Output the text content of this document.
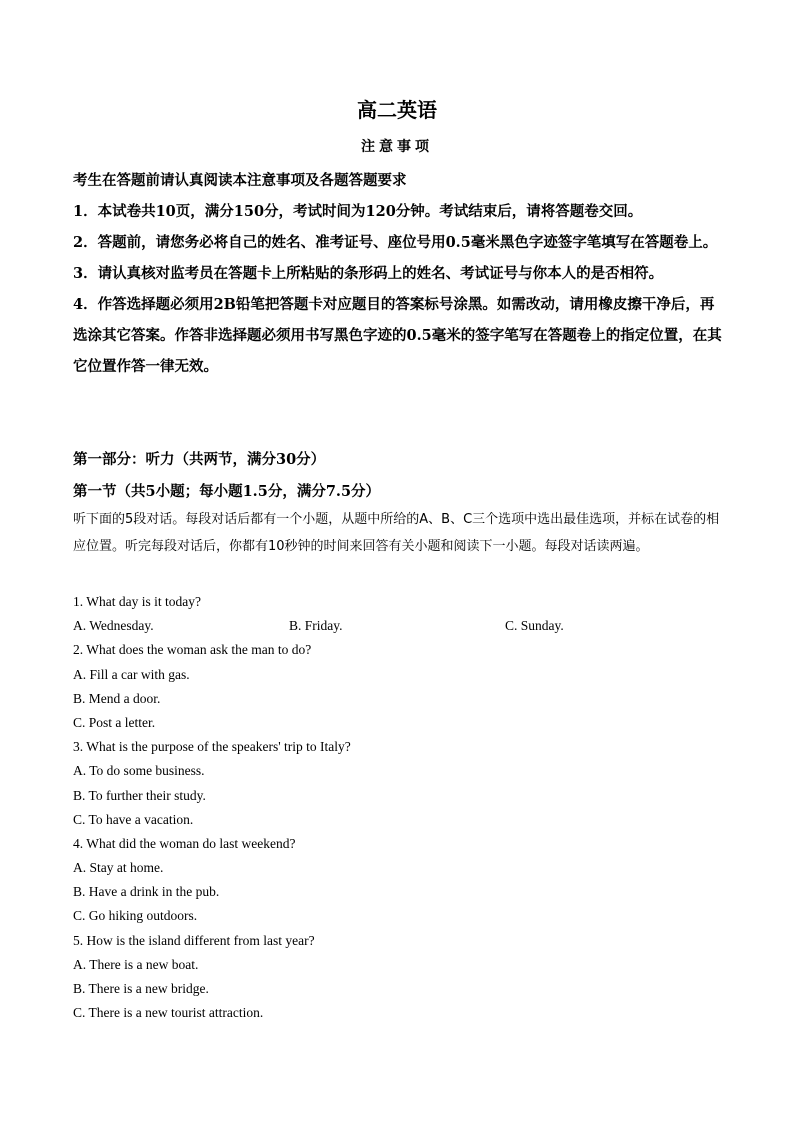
高二英语
注意事项

考生在答题前请认真阅读本注意事项及各题答题要求

1．本试卷共10页，满分150分，考试时间为120分钟。考试结束后，请将答题卷交回。

2．答题前，请您务必将自己的姓名、准考证号、座位号用0.5毫米黑色字迹签字笔填写在答题卷上。

3．请认真核对监考员在答题卡上所粘贴的条形码上的姓名、考试证号与你本人的是否相符。

4．作答选择题必须用2B铅笔把答题卡对应题目的答案标号涂黑。如需改动，请用橡皮擦干净后，再选涂其它答案。作答非选择题必须用书写黑色字迹的0.5毫米的签字笔写在答题卷上的指定位置，在其它位置作答一律无效。

第一部分：听力（共两节，满分30分）
第一节（共5小题；每小题1.5分，满分7.5分）
听下面的5段对话。每段对话后都有一个小题，从题中所给的A、B、C三个选项中选出最佳选项，并标在试卷的相应位置。听完每段对话后，你都有10秒钟的时间来回答有关小题和阅读下一小题。每段对话读两遍。
1. What day is it today?
A. Wednesday.	B. Friday.	C. Sunday.
2. What does the woman ask the man to do?
A. Fill a car with gas.
B. Mend a door.
C. Post a letter.
3. What is the purpose of the speakers' trip to Italy?
A. To do some business.
B. To further their study.
C. To have a vacation.
4. What did the woman do last weekend?
A. Stay at home.
B. Have a drink in the pub.
C. Go hiking outdoors.
5. How is the island different from last year?
A. There is a new boat.
B. There is a new bridge.
C. There is a new tourist attraction.
